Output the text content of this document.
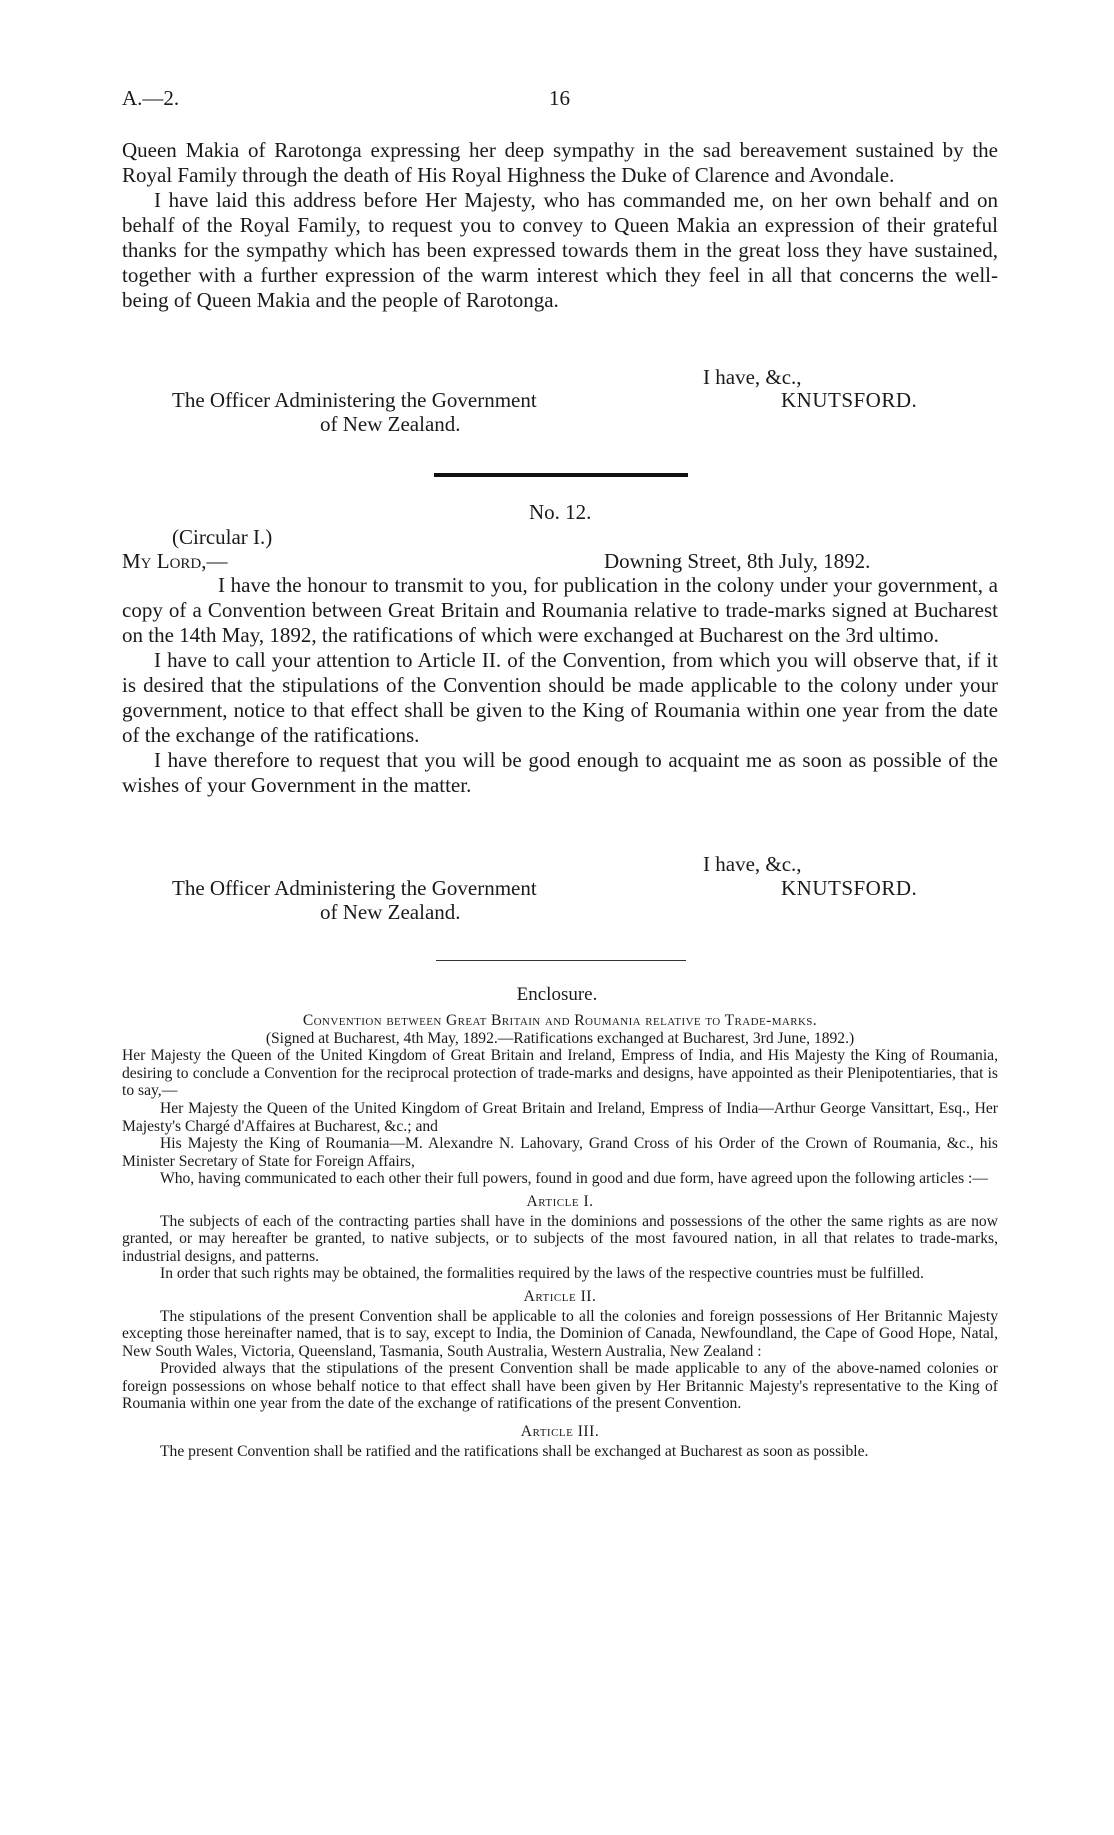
A.—2.	16

Queen Makia of Rarotonga expressing her deep sympathy in the sad bereavement sustained by the Royal Family through the death of His Royal Highness the Duke of Clarence and Avondale.

I have laid this address before Her Majesty, who has commanded me, on her own behalf and on behalf of the Royal Family, to request you to convey to Queen Makia an expression of their grateful thanks for the sympathy which has been expressed towards them in the great loss they have sustained, together with a further expression of the warm interest which they feel in all that concerns the well-being of Queen Makia and the people of Rarotonga.

I have, &c.,
The Officer Administering the Government	KNUTSFORD.
of New Zealand.
No. 12.
(Circular I.)
My Lord,—	Downing Street, 8th July, 1892.

I have the honour to transmit to you, for publication in the colony under your government, a copy of a Convention between Great Britain and Roumania relative to trade-marks signed at Bucharest on the 14th May, 1892, the ratifications of which were exchanged at Bucharest on the 3rd ultimo.

I have to call your attention to Article II. of the Convention, from which you will observe that, if it is desired that the stipulations of the Convention should be made applicable to the colony under your government, notice to that effect shall be given to the King of Roumania within one year from the date of the exchange of the ratifications.

I have therefore to request that you will be good enough to acquaint me as soon as possible of the wishes of your Government in the matter.

I have, &c.,
The Officer Administering the Government	KNUTSFORD.
of New Zealand.
Enclosure.

Convention between Great Britain and Roumania relative to Trade-marks.

(Signed at Bucharest, 4th May, 1892.—Ratifications exchanged at Bucharest, 3rd June, 1892.)

Her Majesty the Queen of the United Kingdom of Great Britain and Ireland, Empress of India, and His Majesty the King of Roumania, desiring to conclude a Convention for the reciprocal protection of trade-marks and designs, have appointed as their Plenipotentiaries, that is to say,—

Her Majesty the Queen of the United Kingdom of Great Britain and Ireland, Empress of India—Arthur George Vansittart, Esq., Her Majesty's Chargé d'Affaires at Bucharest, &c.; and

His Majesty the King of Roumania—M. Alexandre N. Lahovary, Grand Cross of his Order of the Crown of Roumania, &c., his Minister Secretary of State for Foreign Affairs,

Who, having communicated to each other their full powers, found in good and due form, have agreed upon the following articles :—

Article I.

The subjects of each of the contracting parties shall have in the dominions and possessions of the other the same rights as are now granted, or may hereafter be granted, to native subjects, or to subjects of the most favoured nation, in all that relates to trade-marks, industrial designs, and patterns.

In order that such rights may be obtained, the formalities required by the laws of the respective countries must be fulfilled.

Article II.

The stipulations of the present Convention shall be applicable to all the colonies and foreign possessions of Her Britannic Majesty excepting those hereinafter named, that is to say, except to India, the Dominion of Canada, Newfoundland, the Cape of Good Hope, Natal, New South Wales, Victoria, Queensland, Tasmania, South Australia, Western Australia, New Zealand :

Provided always that the stipulations of the present Convention shall be made applicable to any of the above-named colonies or foreign possessions on whose behalf notice to that effect shall have been given by Her Britannic Majesty's representative to the King of Roumania within one year from the date of the exchange of ratifications of the present Convention.

Article III.

The present Convention shall be ratified and the ratifications shall be exchanged at Bucharest as soon as possible.
